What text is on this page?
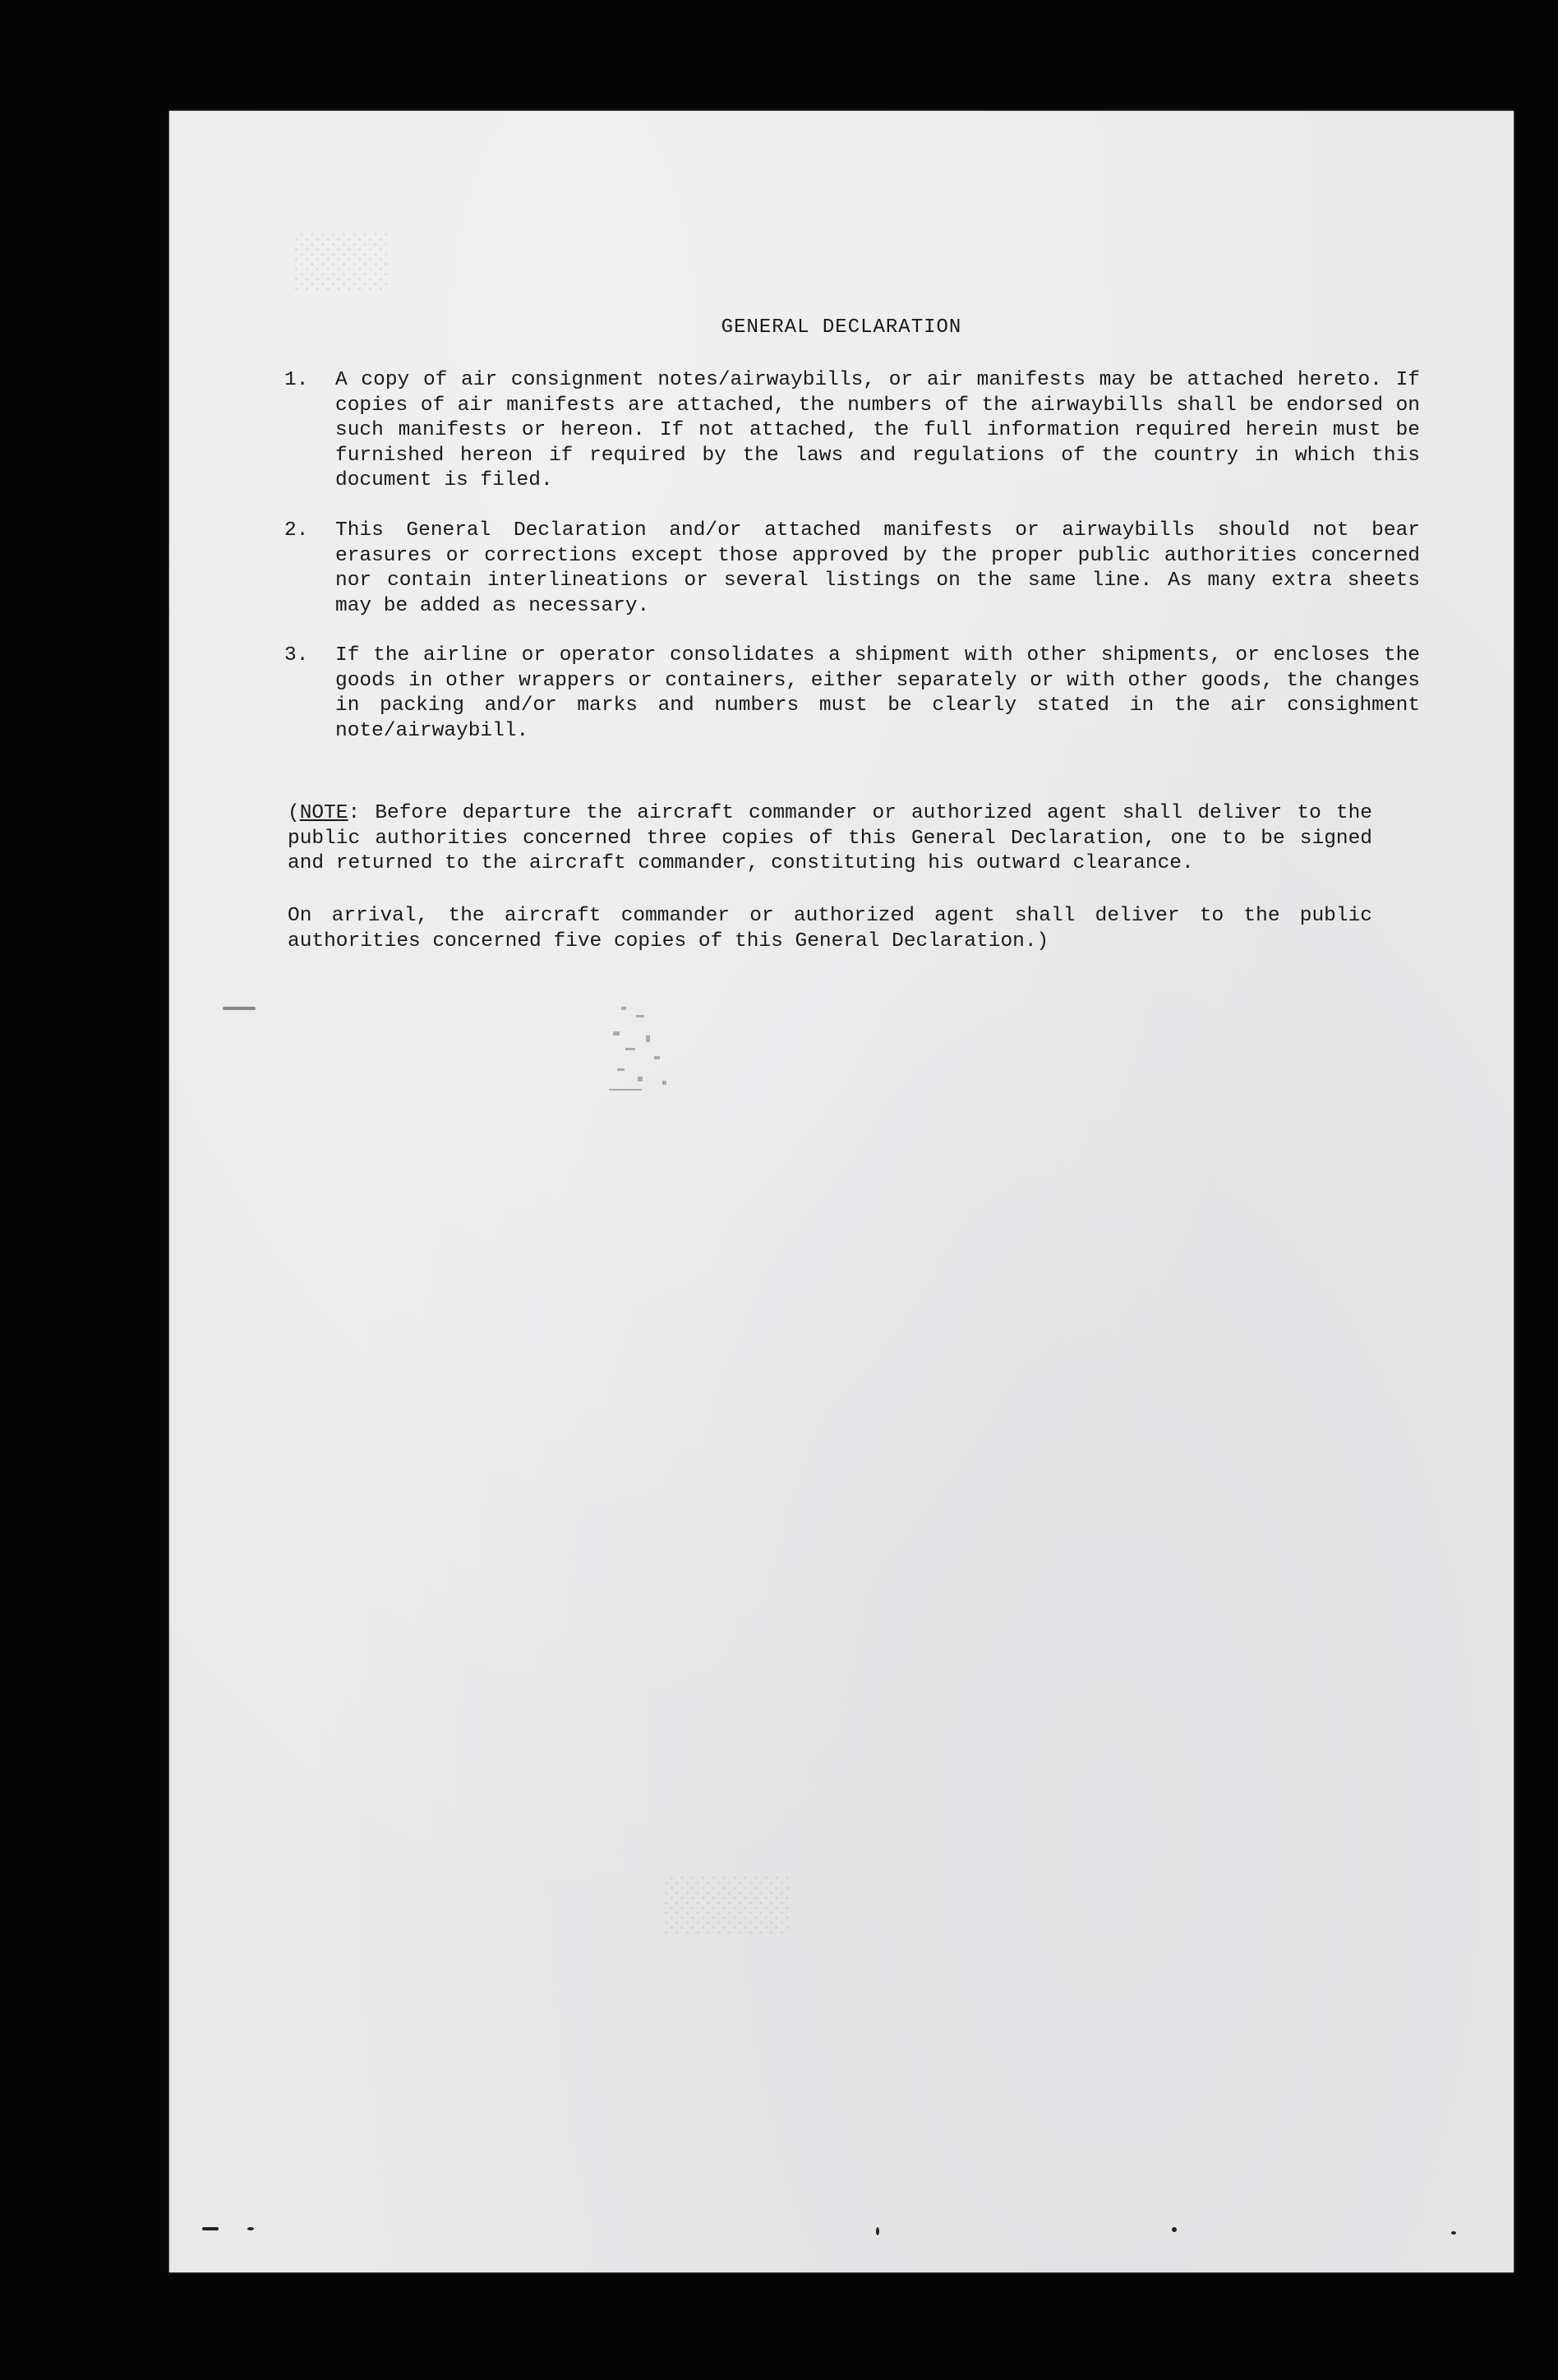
░░░
░░░░
GENERAL DECLARATION
1. A copy of air consignment notes/airwaybills, or air manifests may be attached hereto. If copies of air manifests are attached, the numbers of the airwaybills shall be endorsed on such manifests or hereon. If not attached, the full information required herein must be furnished hereon if required by the laws and regulations of the country in which this document is filed.
2. This General Declaration and/or attached manifests or airwaybills should not bear erasures or corrections except those approved by the proper public authorities concerned nor contain interlineations or several listings on the same line. As many extra sheets may be added as necessary.
3. If the airline or operator consolidates a shipment with other shipments, or encloses the goods in other wrappers or containers, either separately or with other goods, the changes in packing and/or marks and numbers must be clearly stated in the air consighment note/airwaybill.
(NOTE: Before departure the aircraft commander or authorized agent shall deliver to the public authorities concerned three copies of this General Declaration, one to be signed and returned to the aircraft commander, constituting his outward clearance.
On arrival, the aircraft commander or authorized agent shall deliver to the public authorities concerned five copies of this General Declaration.)
